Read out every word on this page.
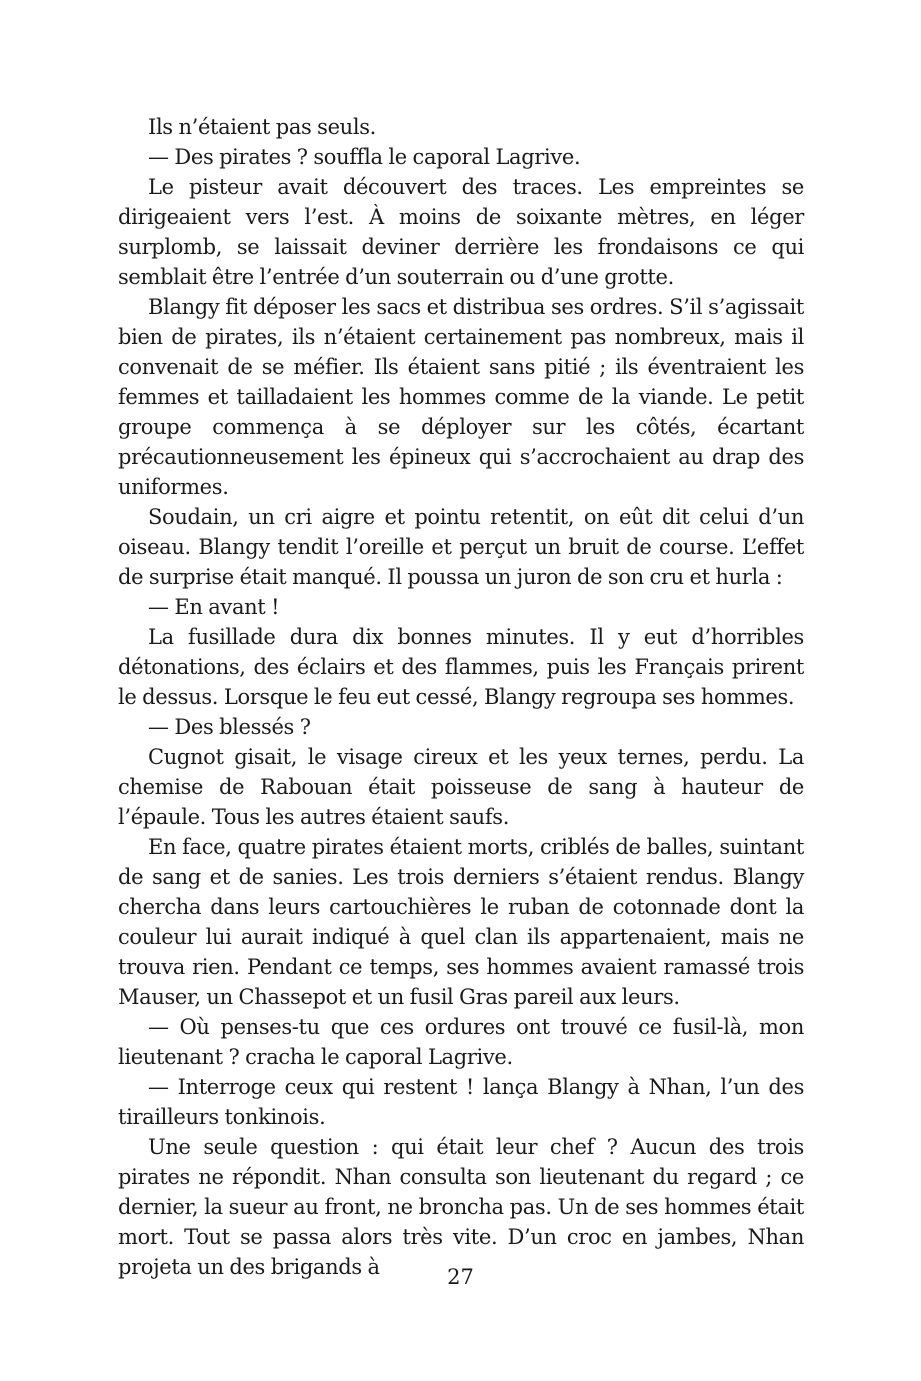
Ils n’étaient pas seuls.

— Des pirates ? souffla le caporal Lagrive.

Le pisteur avait découvert des traces. Les empreintes se dirigeaient vers l’est. À moins de soixante mètres, en léger surplomb, se laissait deviner derrière les frondaisons ce qui semblait être l’entrée d’un souterrain ou d’une grotte.

Blangy fit déposer les sacs et distribua ses ordres. S’il s’agissait bien de pirates, ils n’étaient certainement pas nombreux, mais il convenait de se méfier. Ils étaient sans pitié ; ils éventraient les femmes et tailladaient les hommes comme de la viande. Le petit groupe commença à se déployer sur les côtés, écartant précautionneusement les épineux qui s’accrochaient au drap des uniformes.

Soudain, un cri aigre et pointu retentit, on eût dit celui d’un oiseau. Blangy tendit l’oreille et perçut un bruit de course. L’effet de surprise était manqué. Il poussa un juron de son cru et hurla :

— En avant !

La fusillade dura dix bonnes minutes. Il y eut d’horribles détonations, des éclairs et des flammes, puis les Français prirent le dessus. Lorsque le feu eut cessé, Blangy regroupa ses hommes.

— Des blessés ?

Cugnot gisait, le visage cireux et les yeux ternes, perdu. La chemise de Rabouan était poisseuse de sang à hauteur de l’épaule. Tous les autres étaient saufs.

En face, quatre pirates étaient morts, criblés de balles, suintant de sang et de sanies. Les trois derniers s’étaient rendus. Blangy chercha dans leurs cartouchières le ruban de cotonnade dont la couleur lui aurait indiqué à quel clan ils appartenaient, mais ne trouva rien. Pendant ce temps, ses hommes avaient ramassé trois Mauser, un Chassepot et un fusil Gras pareil aux leurs.

— Où penses-tu que ces ordures ont trouvé ce fusil-là, mon lieutenant ? cracha le caporal Lagrive.

— Interroge ceux qui restent ! lança Blangy à Nhan, l’un des tirailleurs tonkinois.

Une seule question : qui était leur chef ? Aucun des trois pirates ne répondit. Nhan consulta son lieutenant du regard ; ce dernier, la sueur au front, ne broncha pas. Un de ses hommes était mort. Tout se passa alors très vite. D’un croc en jambes, Nhan projeta un des brigands à	27
